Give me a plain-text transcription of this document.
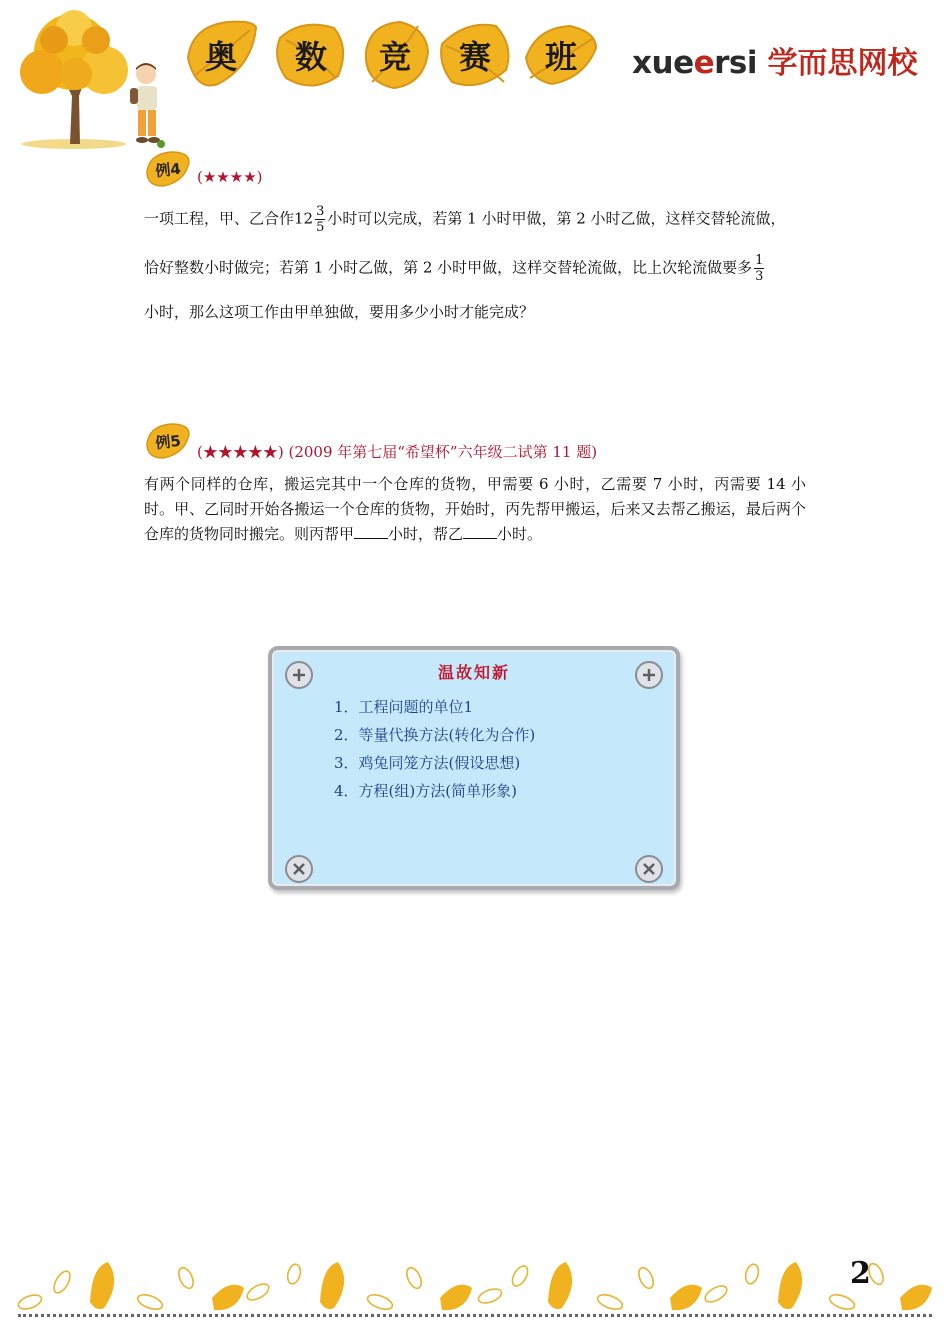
奥	数	竞	赛	班	xueersi 学而思网校
例4	(★★★★)
一项工程，甲、乙合作$12 \frac{3}{5}$ 小时可以完成，若第 1 小时甲做，第 2 小时乙做，这样交替轮流做，
恰好整数小时做完；若第 1 小时乙做，第 2 小时甲做，这样交替轮流做，比上次轮流做要多 $\frac{1}{3}$
小时，那么这项工作由甲单独做，要用多少小时才能完成？
例5
(★★★★★) (2009 年第七届“希望杯”六年级二试第 11 题)
有两个同样的仓库，搬运完其中一个仓库的货物，甲需要 6 小时，乙需要 7 小时，丙需要 14 小时。甲、乙同时开始各搬运一个仓库的货物，开始时，丙先帮甲搬运，后来又去帮乙搬运，最后两个仓库的货物同时搬完。则丙帮甲 小时，帮乙 小时。
温故知新
1．工程问题的单位1
2．等量代换方法(转化为合作)
3．鸡兔同笼方法(假设思想)
4．方程(组)方法(简单形象)
2
